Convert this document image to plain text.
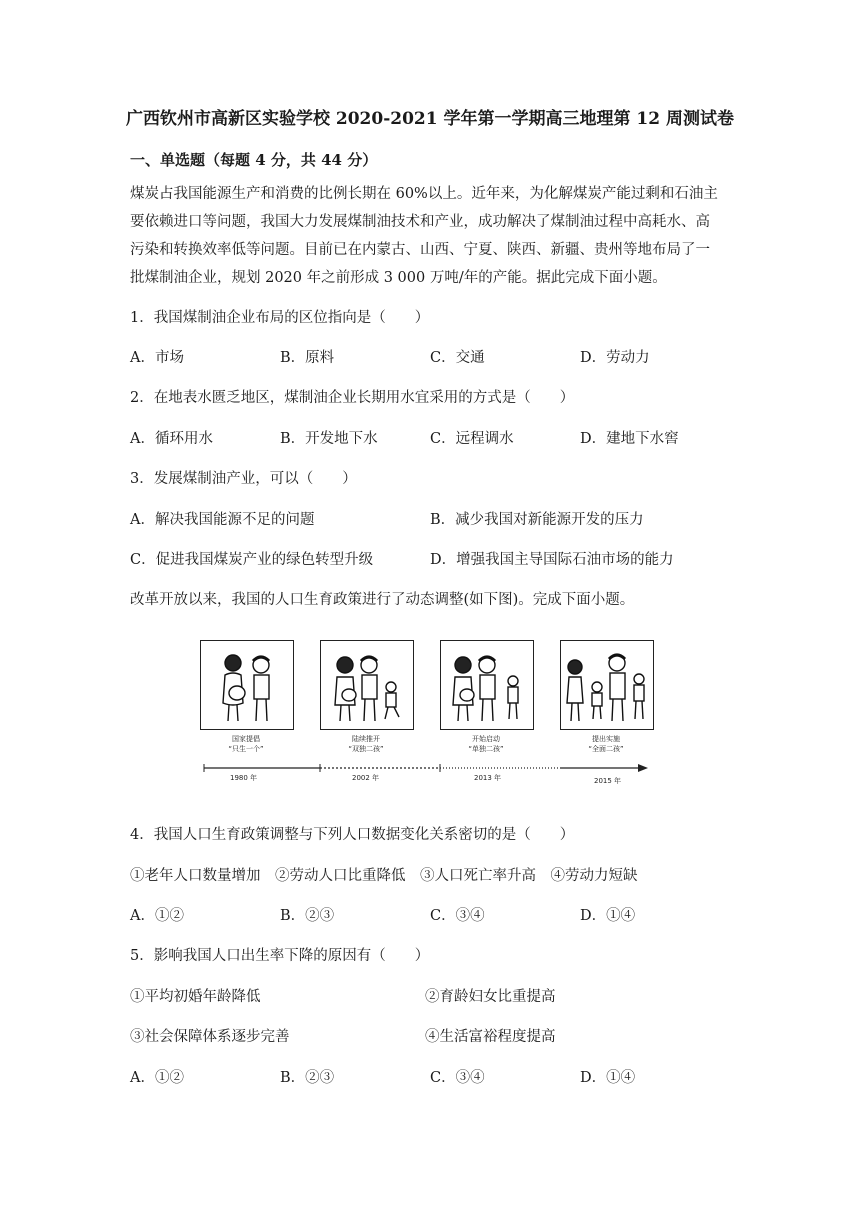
广西钦州市高新区实验学校 2020-2021 学年第一学期高三地理第 12 周测试卷
一、单选题（每题 4 分，共 44 分）
煤炭占我国能源生产和消费的比例长期在 60%以上。近年来，为化解煤炭产能过剩和石油主
要依赖进口等问题，我国大力发展煤制油技术和产业，成功解决了煤制油过程中高耗水、高
污染和转换效率低等问题。目前已在内蒙古、山西、宁夏、陕西、新疆、贵州等地布局了一
批煤制油企业，规划 2020 年之前形成 3 000 万吨/年的产能。据此完成下面小题。
1．我国煤制油企业布局的区位指向是（　　）
A．市场	B．原料	C．交通	D．劳动力
2．在地表水匮乏地区，煤制油企业长期用水宜采用的方式是（　　）
A．循环用水	B．开发地下水	C．远程调水	D．建地下水窖
3．发展煤制油产业，可以（　　）
A．解决我国能源不足的问题	B．减少我国对新能源开发的压力
C．促进我国煤炭产业的绿色转型升级	D．增强我国主导国际石油市场的能力
改革开放以来，我国的人口生育政策进行了动态调整(如下图)。完成下面小题。
国家提倡
“只生一个”
陆续推开
“双独二孩”
开始启动
“单独二孩”
提出实施
“全面二孩”
1980 年	2002 年	2013 年	2015 年
4．我国人口生育政策调整与下列人口数据变化关系密切的是（　　）
①老年人口数量增加　②劳动人口比重降低　③人口死亡率升高　④劳动力短缺
A．①②	B．②③	C．③④	D．①④
5．影响我国人口出生率下降的原因有（　　）
①平均初婚年龄降低	②育龄妇女比重提高
③社会保障体系逐步完善	④生活富裕程度提高
A．①②	B．②③	C．③④	D．①④
